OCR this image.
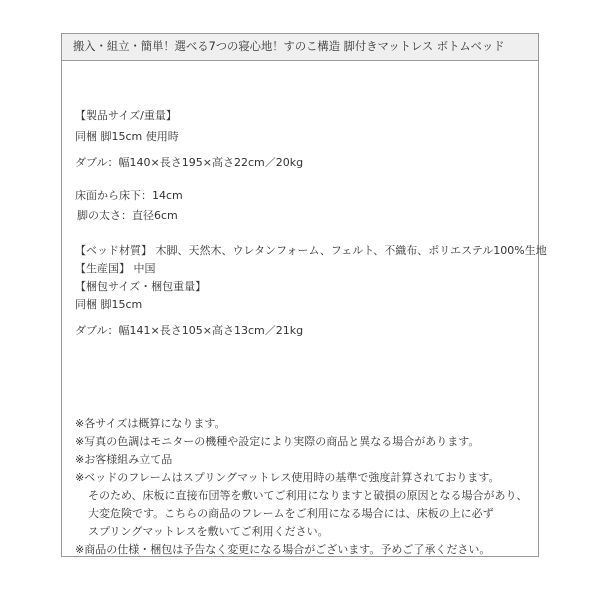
搬入・組立・簡単！選べる7つの寝心地！すのこ構造 脚付きマットレス ボトムベッド
【製品サイズ/重量】
同梱 脚15cm 使用時
ダブル：幅140×長さ195×高さ22cm／20kg
床面から床下：14cm
脚の太さ：直径6cm
【ベッド材質】 木脚、天然木、ウレタンフォーム、フェルト、不織布、ポリエステル100%生地
【生産国】 中国
【梱包サイズ・梱包重量】
同梱 脚15cm
ダブル：幅141×長さ105×高さ13cm／21kg
※各サイズは概算になります。
※写真の色調はモニターの機種や設定により実際の商品と異なる場合があります。
※お客様組み立て品
※ベッドのフレームはスプリングマットレス使用時の基準で強度計算されております。
そのため、床板に直接布団等を敷いてご利用になりますと破損の原因となる場合があり、
大変危険です。こちらの商品のフレームをご利用になる場合には、床板の上に必ず
スプリングマットレスを敷いてご利用ください。
※商品の仕様・梱包は予告なく変更になる場合がございます。予めご了承ください。
